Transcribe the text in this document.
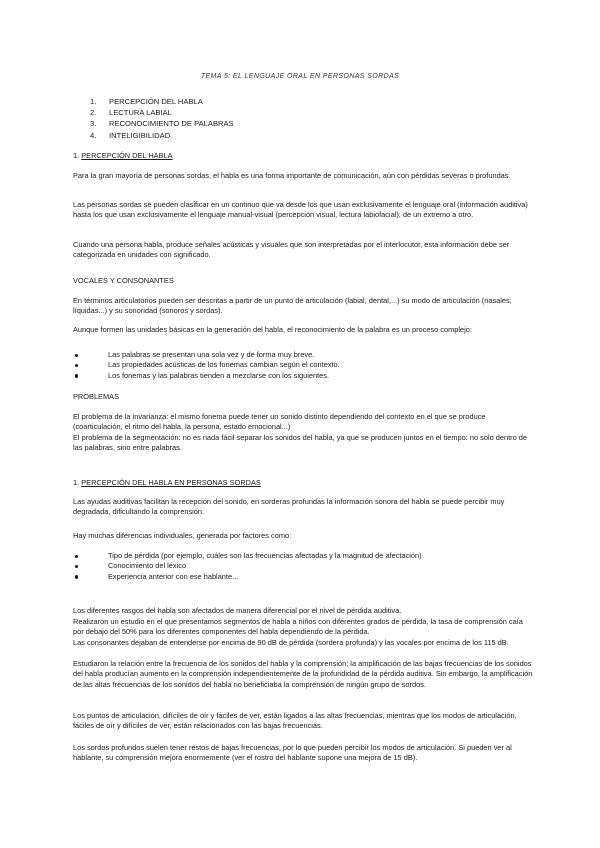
TEMA 5: EL LENGUAJE ORAL EN PERSONAS SORDAS
1.	PERCEPCIÓN DEL HABLA
2.	LECTURA LABIAL
3.	RECONOCIMIENTO DE PALABRAS
4.	INTELIGIBILIDAD
1. PERCEPCIÓN DEL HABLA

Para la gran mayoría de personas sordas, el habla es una forma importante de comunicación, aún con pérdidas severas o profundas.

Las personas sordas se pueden clasificar en un continuo que va desde los que usan exclusivamente el lenguaje oral (información auditiva) hasta los que usan exclusivamente el lenguaje manual-visual (percepción visual, lectura labiofacial); de un extremo a otro.

Cuando una persona habla, produce señales acústicas y visuales que son interpretadas por el interlocutor, esta información debe ser categorizada en unidades con significado.

VOCALES Y CONSONANTES

En términos articulatorios pueden ser descritas a partir de un punto de articulación (labial, dental,...) su modo de articulación (nasales, líquidas...) y su sonoridad (sonoros y sordas).

Aunque formen las unidades básicas en la generación del habla, el reconocimiento de la palabra es un proceso complejo:

Las palabras se presentan una sola vez y de forma muy breve.
Las propiedades acústicas de los fonemas cambian según el contexto.
Los fonemas y las palabras tienden a mezclarse con los siguientes.
PROBLEMAS

El problema de la invarianza: el mismo fonema puede tener un sonido distinto dependiendo del contexto en el que se produce (coarticulación, el ritmo del habla, la persona, estado emocional...)

El problema de la segmentación: no es nada fácil separar los sonidos del habla, ya que se producen juntos en el tiempo: no solo dentro de las palabras, sino entre palabras.

1. PERCEPCIÓN DEL HABLA EN PERSONAS SORDAS

Las ayudas auditivas facilitan la recepción del sonido, en sorderas profundas la información sonora del habla se puede percibir muy degradada, dificultando la comprensión.

Hay muchas diferencias individuales, generada por factores como:

Tipo de pérdida (por ejemplo, cuáles son las frecuencias afectadas y la magnitud de afectación)
Conocimiento del léxico
Experiencia anterior con ese hablante...

Los diferentes rasgos del habla son afectados de manera diferencial por el nivel de pérdida auditiva.

Realizaron un estudio en el que presentamos segmentos de habla a niños con diferentes grados de pérdida, la tasa de comprensión caía por debajo del 50% para los diferentes componentes del habla dependiendo de la pérdida.

Las consonantes dejaban de entenderse por encima de 90 dB de pérdida (sordera profunda) y las vocales por encima de los 115 dB.

Estudiaron la relación entre la frecuencia de los sonidos del habla y la comprensión; la amplificación de las bajas frecuencias de los sonidos del habla producían aumento en la comprensión independientemente de la profundidad de la pérdida auditiva. Sin embargo, la amplificación de las altas frecuencias de los sonidos del habla no beneficiaba la comprensión de ningún grupo de sordos.

Los puntos de articulación, difíciles de oír y fáciles de ver, están ligados a las altas frecuencias, mientras que los modos de articulación, fáciles de oír y difíciles de ver, están relacionados con las bajas frecuencias.

Los sordos profundos suelen tener restos de bajas frecuencias, por lo que pueden percibir los modos de articulación. Si pueden ver al hablante, su comprensión mejora enormemente (ver el rostro del hablante supone una mejora de 15 dB).
